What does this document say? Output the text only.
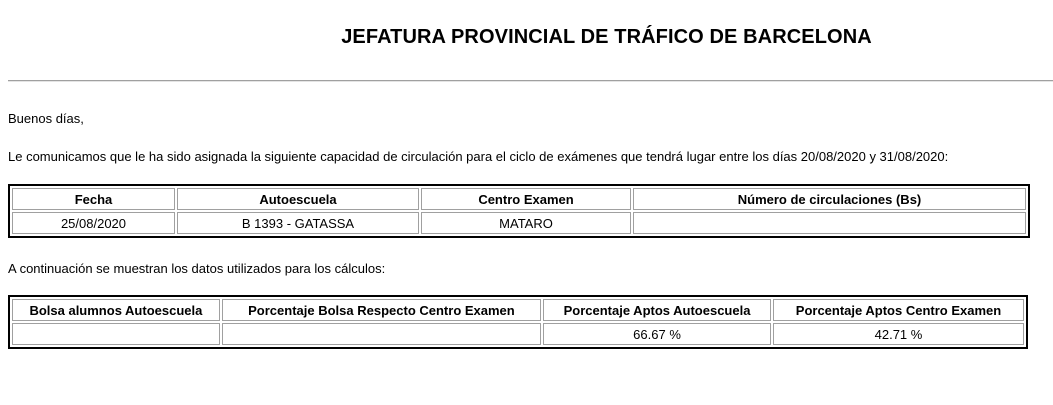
JEFATURA PROVINCIAL DE TRÁFICO DE BARCELONA
Buenos días,
Le comunicamos que le ha sido asignada la siguiente capacidad de circulación para el ciclo de exámenes que tendrá lugar entre los días 20/08/2020 y 31/08/2020:
Fecha	Autoescuela	Centro Examen	Número de circulaciones (Bs)
25/08/2020	B 1393 - GATASSA	MATARO	
A continuación se muestran los datos utilizados para los cálculos:
Bolsa alumnos Autoescuela	Porcentaje Bolsa Respecto Centro Examen	Porcentaje Aptos Autoescuela	Porcentaje Aptos Centro Examen
		66.67 %	42.71 %
